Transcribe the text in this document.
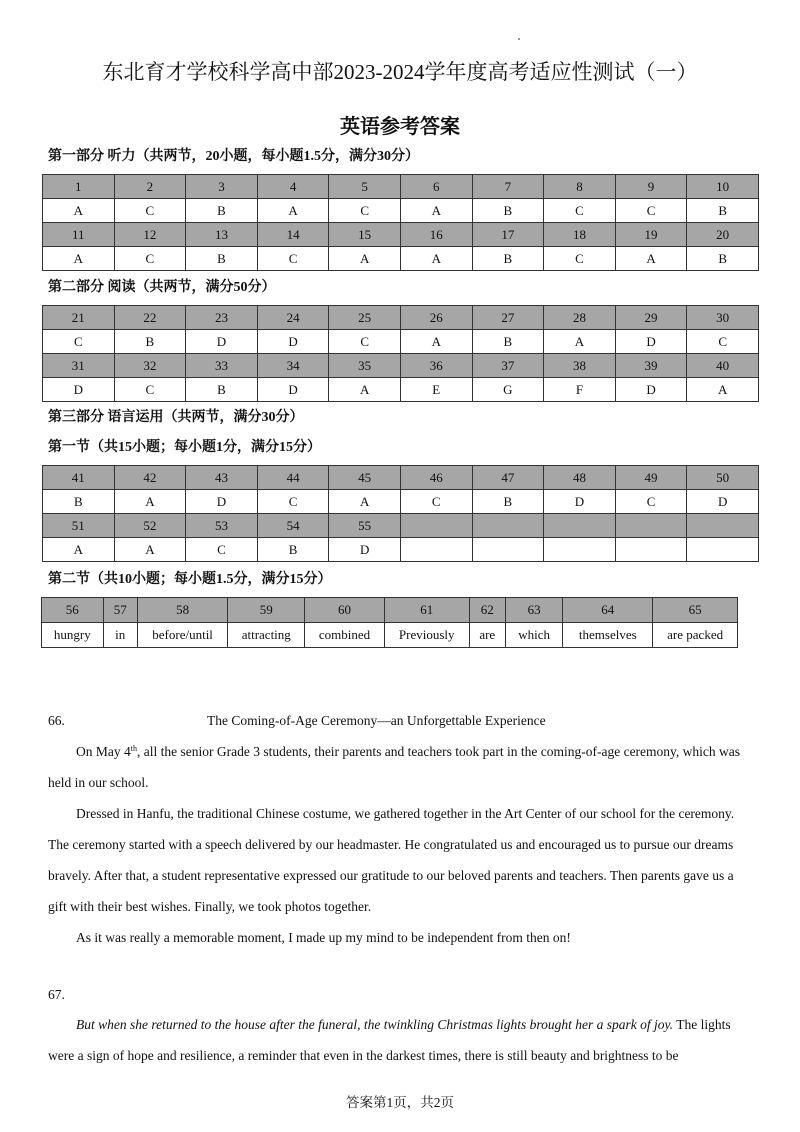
东北育才学校科学高中部2023-2024学年度高考适应性测试（一）
英语参考答案
第一部分 听力（共两节，20小题，每小题1.5分，满分30分）
1	2	3	4	5	6	7	8	9	10
A	C	B	A	C	A	B	C	C	B
11	12	13	14	15	16	17	18	19	20
A	C	B	C	A	A	B	C	A	B
第二部分 阅读（共两节，满分50分）
21	22	23	24	25	26	27	28	29	30
C	B	D	D	C	A	B	A	D	C
31	32	33	34	35	36	37	38	39	40
D	C	B	D	A	E	G	F	D	A
第三部分 语言运用（共两节，满分30分）
第一节（共15小题；每小题1分，满分15分）
41	42	43	44	45	46	47	48	49	50
B	A	D	C	A	C	B	D	C	D
51	52	53	54	55					
A	A	C	B	D					
第二节（共10小题；每小题1.5分，满分15分）
56	57	58	59	60	61	62	63	64	65
hungry	in	before/until	attracting	combined	Previously	are	which	themselves	are packed
66.	The Coming-of-Age Ceremony—an Unforgettable Experience
On May 4th, all the senior Grade 3 students, their parents and teachers took part in the coming-of-age ceremony, which was held in our school.
Dressed in Hanfu, the traditional Chinese costume, we gathered together in the Art Center of our school for the ceremony. The ceremony started with a speech delivered by our headmaster. He congratulated us and encouraged us to pursue our dreams bravely. After that, a student representative expressed our gratitude to our beloved parents and teachers. Then parents gave us a gift with their best wishes. Finally, we took photos together.
As it was really a memorable moment, I made up my mind to be independent from then on!
67.
But when she returned to the house after the funeral, the twinkling Christmas lights brought her a spark of joy. The lights were a sign of hope and resilience, a reminder that even in the darkest times, there is still beauty and brightness to be
答案第1页，共2页
